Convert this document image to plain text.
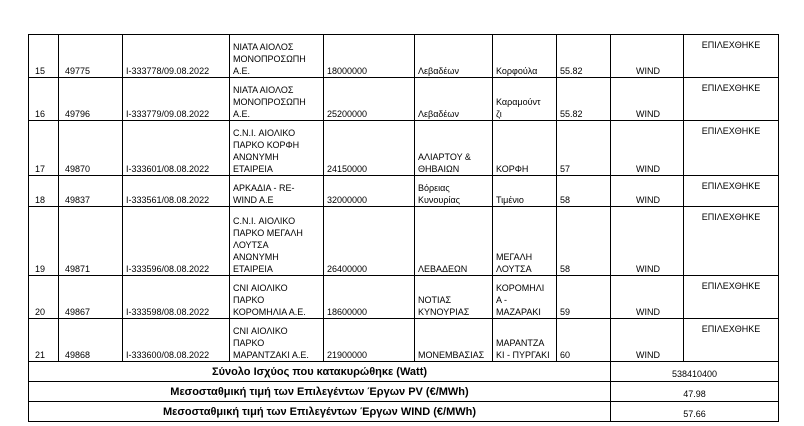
15	49775	Ι-333778/09.08.2022	ΝΙΑΤΑ ΑΙΟΛΟΣ
ΜΟΝΟΠΡΟΣΩΠΗ
Α.Ε.	18000000	Λεβαδέων	Κορφούλα	55.82	WIND	ΕΠΙΛΕΧΘΗΚΕ
16	49796	Ι-333779/09.08.2022	ΝΙΑΤΑ ΑΙΟΛΟΣ
ΜΟΝΟΠΡΟΣΩΠΗ
Α.Ε.	25200000	Λεβαδέων	Καραμούντ
ζι	55.82	WIND	ΕΠΙΛΕΧΘΗΚΕ
17	49870	Ι-333601/08.08.2022	C.N.I. ΑΙΟΛΙΚΟ
ΠΑΡΚΟ ΚΟΡΦΗ
ΑΝΩΝΥΜΗ
ΕΤΑΙΡΕΙΑ	24150000	ΑΛΙΑΡΤΟΥ &
ΘΗΒΑΙΩΝ	ΚΟΡΦΗ	57	WIND	ΕΠΙΛΕΧΘΗΚΕ
18	49837	Ι-333561/08.08.2022	ΑΡΚΑΔΙΑ - RE-
WIND A.E	32000000	Βόρειας
Κυνουρίας	Τιμένιο	58	WIND	ΕΠΙΛΕΧΘΗΚΕ
19	49871	Ι-333596/08.08.2022	C.N.I. ΑΙΟΛΙΚΟ
ΠΑΡΚΟ ΜΕΓΑΛΗ
ΛΟΥΤΣΑ
ΑΝΩΝΥΜΗ
ΕΤΑΙΡΕΙΑ	26400000	ΛΕΒΑΔΕΩΝ	ΜΕΓΑΛΗ
ΛΟΥΤΣΑ	58	WIND	ΕΠΙΛΕΧΘΗΚΕ
20	49867	Ι-333598/08.08.2022	CNI ΑΙΟΛΙΚΟ
ΠΑΡΚΟ
ΚΟΡΟΜΗΛΙΑ Α.Ε.	18600000	ΝΟΤΙΑΣ
ΚΥΝΟΥΡΙΑΣ	ΚΟΡΟΜΗΛΙ
Α -
ΜΑΖΑΡΑΚΙ	59	WIND	ΕΠΙΛΕΧΘΗΚΕ
21	49868	Ι-333600/08.08.2022	CNI ΑΙΟΛΙΚΟ
ΠΑΡΚΟ
ΜΑΡΑΝΤΖΑΚΙ Α.Ε.	21900000	ΜΟΝΕΜΒΑΣΙΑΣ	ΜΑΡΑΝΤΖΑ
ΚΙ - ΠΥΡΓΑΚΙ	60	WIND	ΕΠΙΛΕΧΘΗΚΕ
Σύνολο Ισχύος που κατακυρώθηκε (Watt)								538410400	
Μεσοσταθμική τιμή των Επιλεγέντων Έργων PV (€/MWh)								47.98	
Μεσοσταθμική τιμή των Επιλεγέντων Έργων WIND (€/MWh)								57.66	
